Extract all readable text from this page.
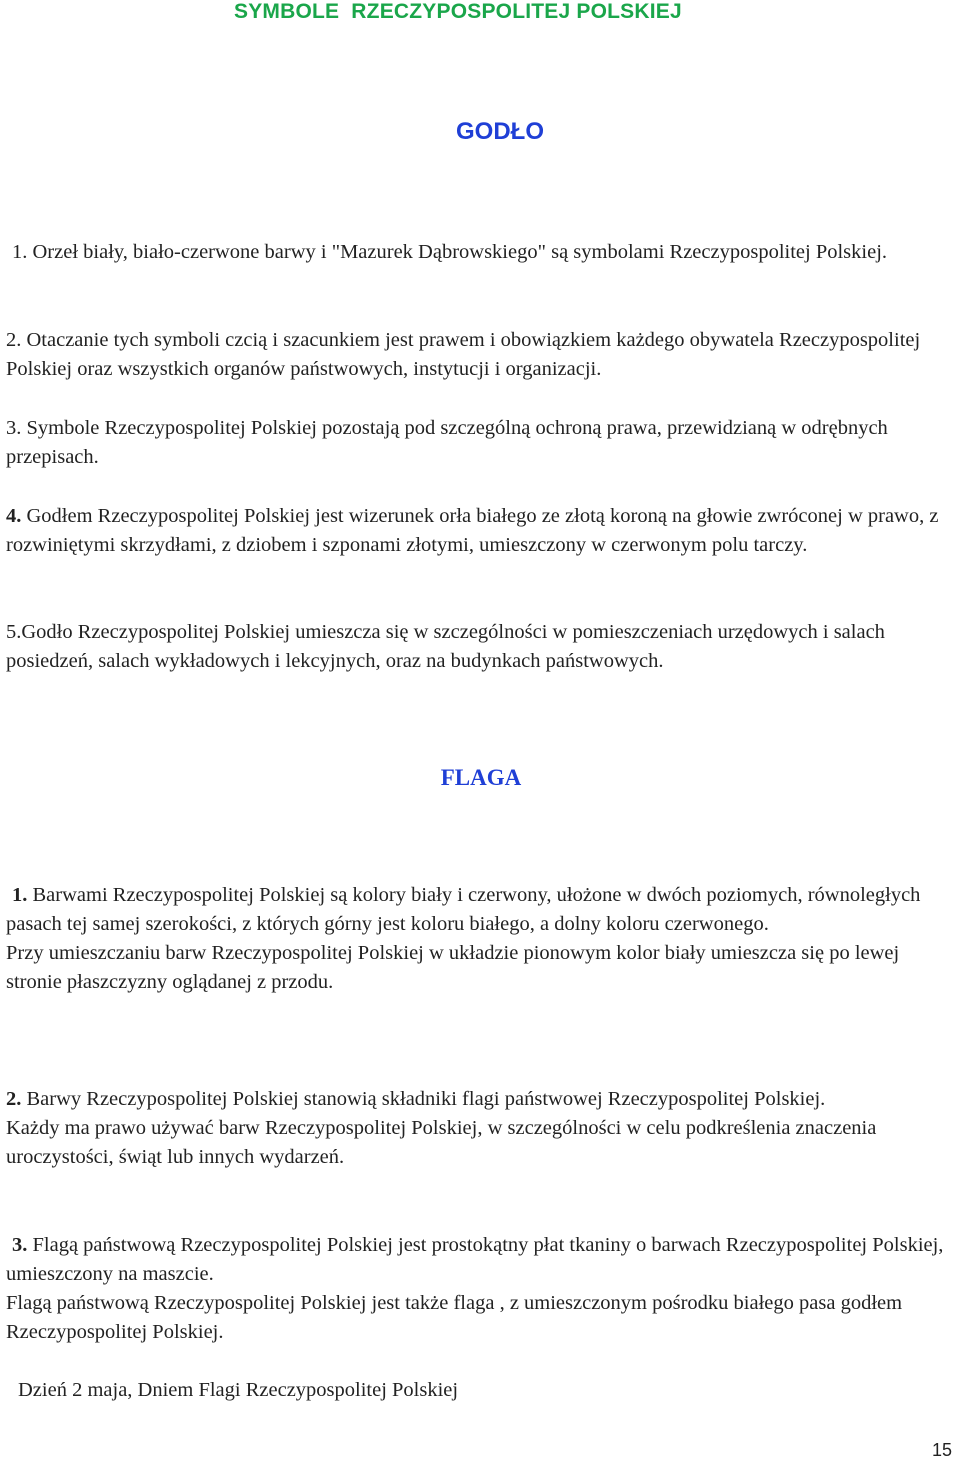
SYMBOLE  RZECZYPOSPOLITEJ POLSKIEJ
GODŁO

1. Orzeł biały, biało-czerwone barwy i "Mazurek Dąbrowskiego" są symbolami Rzeczypospolitej Polskiej.

2. Otaczanie tych symboli czcią i szacunkiem jest prawem i obowiązkiem każdego obywatela Rzeczypospolitej Polskiej oraz wszystkich organów państwowych, instytucji i organizacji.

3. Symbole Rzeczypospolitej Polskiej pozostają pod szczególną ochroną prawa, przewidzianą w odrębnych przepisach.

4. Godłem Rzeczypospolitej Polskiej jest wizerunek orła białego ze złotą koroną na głowie zwróconej w prawo, z rozwiniętymi skrzydłami, z dziobem i szponami złotymi, umieszczony w czerwonym polu tarczy.

5.Godło Rzeczypospolitej Polskiej umieszcza się w szczególności w pomieszczeniach urzędowych i salach posiedzeń, salach wykładowych i lekcyjnych, oraz na budynkach państwowych.

FLAGA

1. Barwami Rzeczypospolitej Polskiej są kolory biały i czerwony, ułożone w dwóch poziomych, równoległych pasach tej samej szerokości, z których górny jest koloru białego, a dolny koloru czerwonego.
Przy umieszczaniu barw Rzeczypospolitej Polskiej w układzie pionowym kolor biały umieszcza się po lewej stronie płaszczyzny oglądanej z przodu.

2. Barwy Rzeczypospolitej Polskiej stanowią składniki flagi państwowej Rzeczypospolitej Polskiej.
Każdy ma prawo używać barw Rzeczypospolitej Polskiej, w szczególności w celu podkreślenia znaczenia uroczystości, świąt lub innych wydarzeń.

3. Flagą państwową Rzeczypospolitej Polskiej jest prostokątny płat tkaniny o barwach Rzeczypospolitej Polskiej, umieszczony na maszcie.
Flagą państwową Rzeczypospolitej Polskiej jest także flaga , z umieszczonym pośrodku białego pasa godłem Rzeczypospolitej Polskiej.

Dzień 2 maja, Dniem Flagi Rzeczypospolitej Polskiej
15
